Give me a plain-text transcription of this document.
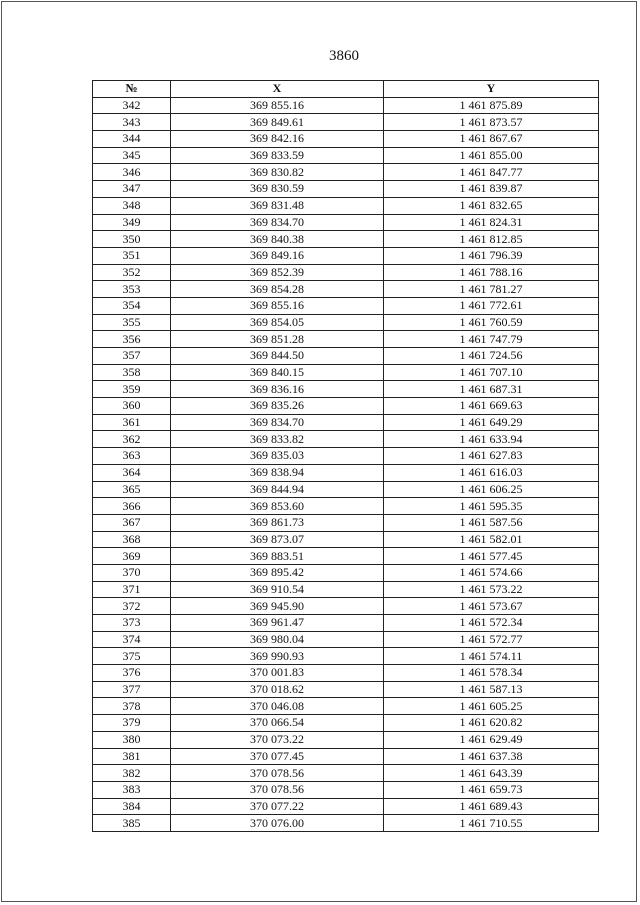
3860
№	X	Y
342	369 855.16	1 461 875.89
343	369 849.61	1 461 873.57
344	369 842.16	1 461 867.67
345	369 833.59	1 461 855.00
346	369 830.82	1 461 847.77
347	369 830.59	1 461 839.87
348	369 831.48	1 461 832.65
349	369 834.70	1 461 824.31
350	369 840.38	1 461 812.85
351	369 849.16	1 461 796.39
352	369 852.39	1 461 788.16
353	369 854.28	1 461 781.27
354	369 855.16	1 461 772.61
355	369 854.05	1 461 760.59
356	369 851.28	1 461 747.79
357	369 844.50	1 461 724.56
358	369 840.15	1 461 707.10
359	369 836.16	1 461 687.31
360	369 835.26	1 461 669.63
361	369 834.70	1 461 649.29
362	369 833.82	1 461 633.94
363	369 835.03	1 461 627.83
364	369 838.94	1 461 616.03
365	369 844.94	1 461 606.25
366	369 853.60	1 461 595.35
367	369 861.73	1 461 587.56
368	369 873.07	1 461 582.01
369	369 883.51	1 461 577.45
370	369 895.42	1 461 574.66
371	369 910.54	1 461 573.22
372	369 945.90	1 461 573.67
373	369 961.47	1 461 572.34
374	369 980.04	1 461 572.77
375	369 990.93	1 461 574.11
376	370 001.83	1 461 578.34
377	370 018.62	1 461 587.13
378	370 046.08	1 461 605.25
379	370 066.54	1 461 620.82
380	370 073.22	1 461 629.49
381	370 077.45	1 461 637.38
382	370 078.56	1 461 643.39
383	370 078.56	1 461 659.73
384	370 077.22	1 461 689.43
385	370 076.00	1 461 710.55
